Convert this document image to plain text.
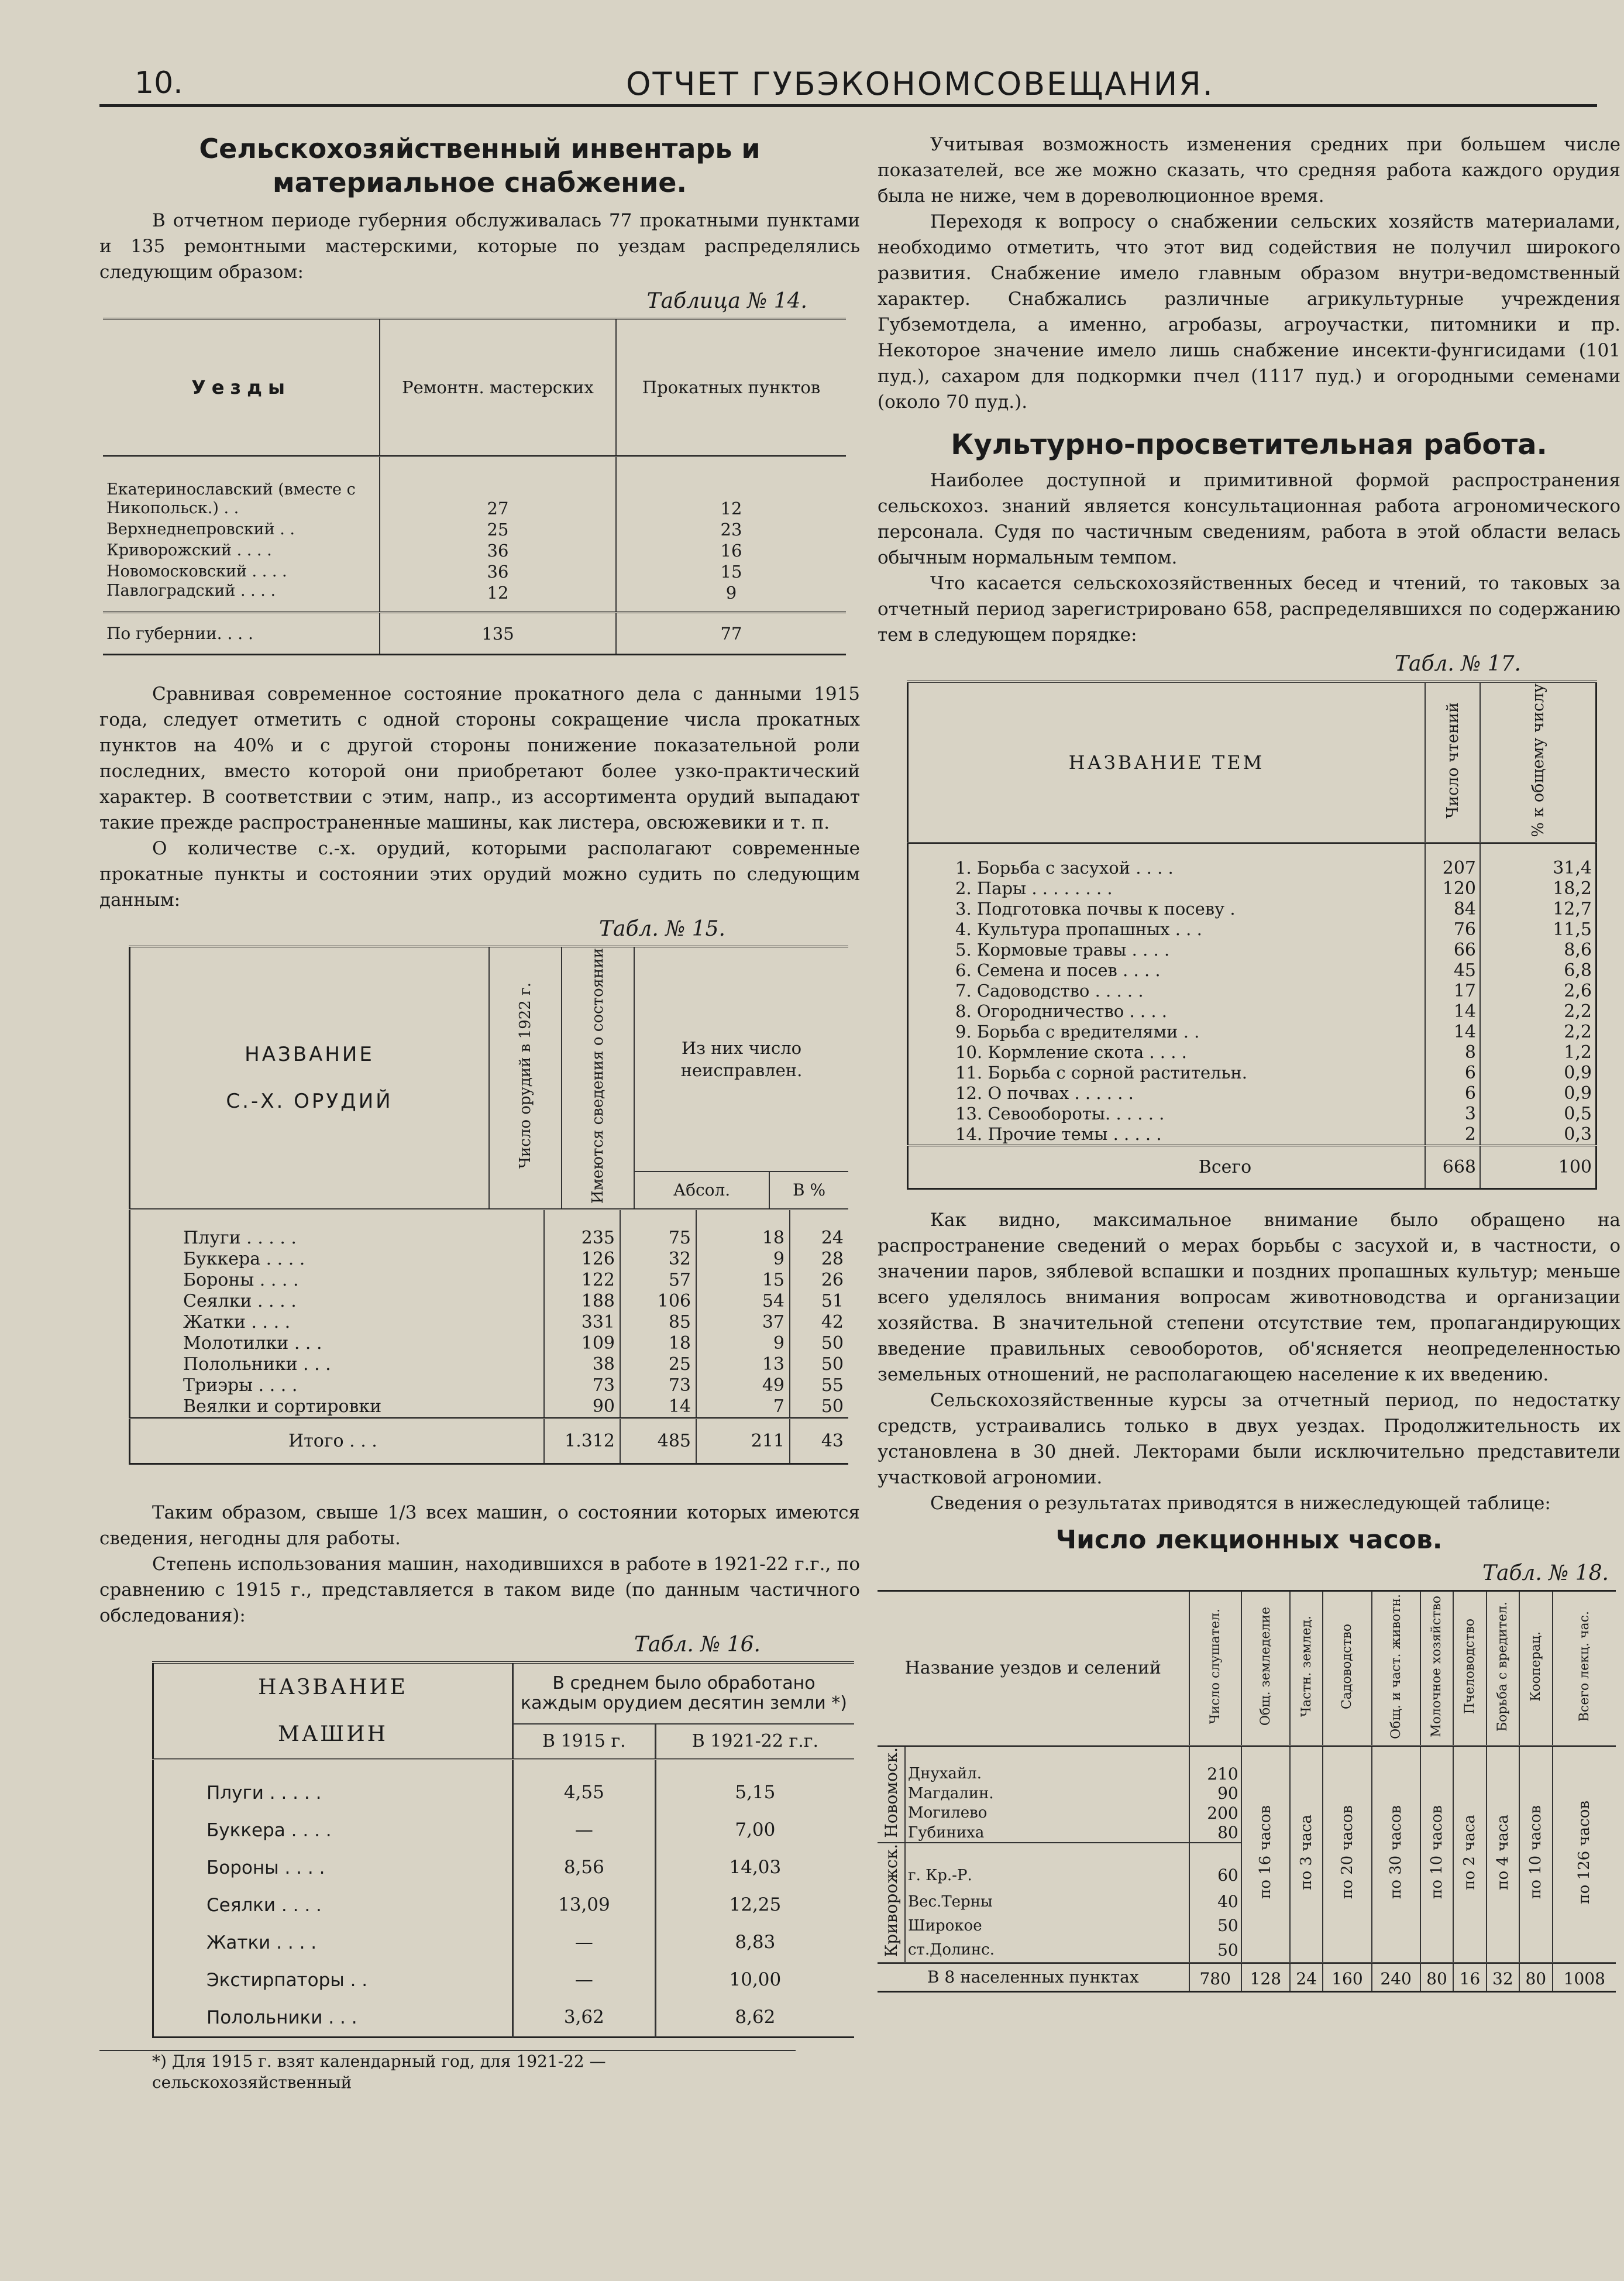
10.	ОТЧЕТ ГУБЭКОНОМСОВЕЩАНИЯ.
Сельскохозяйственный инвентарь и материальное снабжение.

В отчетном периоде губерния обслуживалась 77 прокатными пунктами и 135 ремонтными мастерскими, которые по уездам распределялись следующим образом:

Таблица № 14.
Уезды	Ремонтн. мастерских	Прокатных пунктов
Екатеринославский (вместе с Никопольск.) . .	27	12
Верхнеднепровский . .	25	23
Криворожский . . . .	36	16
Новомосковский . . . .	36	15
Павлоградский . . . .	12	9
По губернии. . . .	135	77

Сравнивая современное состояние прокатного дела с данными 1915 года, следует отметить с одной стороны сокращение числа прокатных пунктов на 40% и с другой стороны понижение показательной роли последних, вместо которой они приобретают более узко-практический характер. В соответствии с этим, напр., из ассортимента орудий выпадают такие прежде распространенные машины, как листера, овсюжевики и т. п.

О количестве с.-х. орудий, которыми располагают современные прокатные пункты и состоянии этих орудий можно судить по следующим данным:

Табл. № 15.
НАЗВАНИЕ
С.-Х. ОРУДИЙ	Число орудий в 1922 г.	Имеются сведения о состоянии	Из них число неисправлен.	
			Абсол.	В %
Плуги . . . . .	235	75	18	24
Буккера . . . .	126	32	9	28
Бороны . . . .	122	57	15	26
Сеялки . . . .	188	106	54	51
Жатки . . . .	331	85	37	42
Молотилки . . .	109	18	9	50
Полольники . . .	38	25	13	50
Триэры . . . .	73	73	49	55
Веялки и сортировки	90	14	7	50
Итого . . .	1.312	485	211	43

Таким образом, свыше 1/3 всех машин, о состоянии которых имеются сведения, негодны для работы.

Степень использования машин, находившихся в работе в 1921-22 г.г., по сравнению с 1915 г., представляется в таком виде (по данным частичного обследования):

Табл. № 16.
НАЗВАНИЕ
МАШИН	В среднем было обработано каждым орудием десятин земли *)	
	В 1915 г.	В 1921-22 г.г.
Плуги . . . . .	4,55	5,15
Буккера . . . .	—	7,00
Бороны . . . .	8,56	14,03
Сеялки . . . .	13,09	12,25
Жатки . . . .	—	8,83
Экстирпаторы . .	—	10,00
Полольники . . .	3,62	8,62
*) Для 1915 г. взят календарный год, для 1921-22 — сельскохозяйственный

Учитывая возможность изменения средних при большем числе показателей, все же можно сказать, что средняя работа каждого орудия была не ниже, чем в дореволюционное время.

Переходя к вопросу о снабжении сельских хозяйств материалами, необходимо отметить, что этот вид содействия не получил широкого развития. Снабжение имело главным образом внутри-ведомственный характер. Снабжались различные агрикультурные учреждения Губземотдела, а именно, агробазы, агроучастки, питомники и пр. Некоторое значение имело лишь снабжение инсекти-фунгисидами (101 пуд.), сахаром для подкормки пчел (1117 пуд.) и огородными семенами (около 70 пуд.).

Культурно-просветительная работа.

Наиболее доступной и примитивной формой распространения сельскохоз. знаний является консультационная работа агрономического персонала. Судя по частичным сведениям, работа в этой области велась обычным нормальным темпом.

Что касается сельскохозяйственных бесед и чтений, то таковых за отчетный период зарегистрировано 658, распределявшихся по содержанию тем в следующем порядке:

Табл. № 17.
НАЗВАНИЕ ТЕМ	Число чтений	% к общему числу
1. Борьба с засухой . . . .	207	31,4
2. Пары . . . . . . . .	120	18,2
3. Подготовка почвы к посеву .	84	12,7
4. Культура пропашных . . .	76	11,5
5. Кормовые травы . . . .	66	8,6
6. Семена и посев . . . .	45	6,8
7. Садоводство . . . . .	17	2,6
8. Огородничество . . . .	14	2,2
9. Борьба с вредителями . .	14	2,2
10. Кормление скота . . . .	8	1,2
11. Борьба с сорной растительн.	6	0,9
12. О почвах . . . . . .	6	0,9
13. Севообороты. . . . . .	3	0,5
14. Прочие темы . . . . .	2	0,3
Всего	668	100

Как видно, максимальное внимание было обращено на распространение сведений о мерах борьбы с засухой и, в частности, о значении паров, зяблевой вспашки и поздних пропашных культур; меньше всего уделялось внимания вопросам животноводства и организации хозяйства. В значительной степени отсутствие тем, пропагандирующих введение правильных севооборотов, об'ясняется неопределенностью земельных отношений, не располагающею население к их введению.

Сельскохозяйственные курсы за отчетный период, по недостатку средств, устраивались только в двух уездах. Продолжительность их установлена в 30 дней. Лекторами были исключительно представители участковой агрономии.

Сведения о результатах приводятся в нижеследующей таблице:

Число лекционных часов.
Табл. № 18.
Название уездов и селений		Число слушател.	Общ. земледелие	Частн. землед.	Садоводство	Общ. и част. животн.	Молочное хозяйство	Пчеловодство	Борьба с вредител.	Кооперац.	Всего лекц. час.
Новомоск.	Днухайл.	210	по 16 часов	по 3 часа	по 20 часов	по 30 часов	по 10 часов	по 2 часа	по 4 часа	по 10 часов	по 126 часов
	Магдалин.	90									
	Могилево	200									
	Губиниха	80									
Криворожск.	г. Кр.-Р.	60									
	Вес.Терны	40									
	Широкое	50									
	ст.Долинс.	50									
В 8 населенных пунктах		780	128	24	160	240	80	16	32	80	1008
